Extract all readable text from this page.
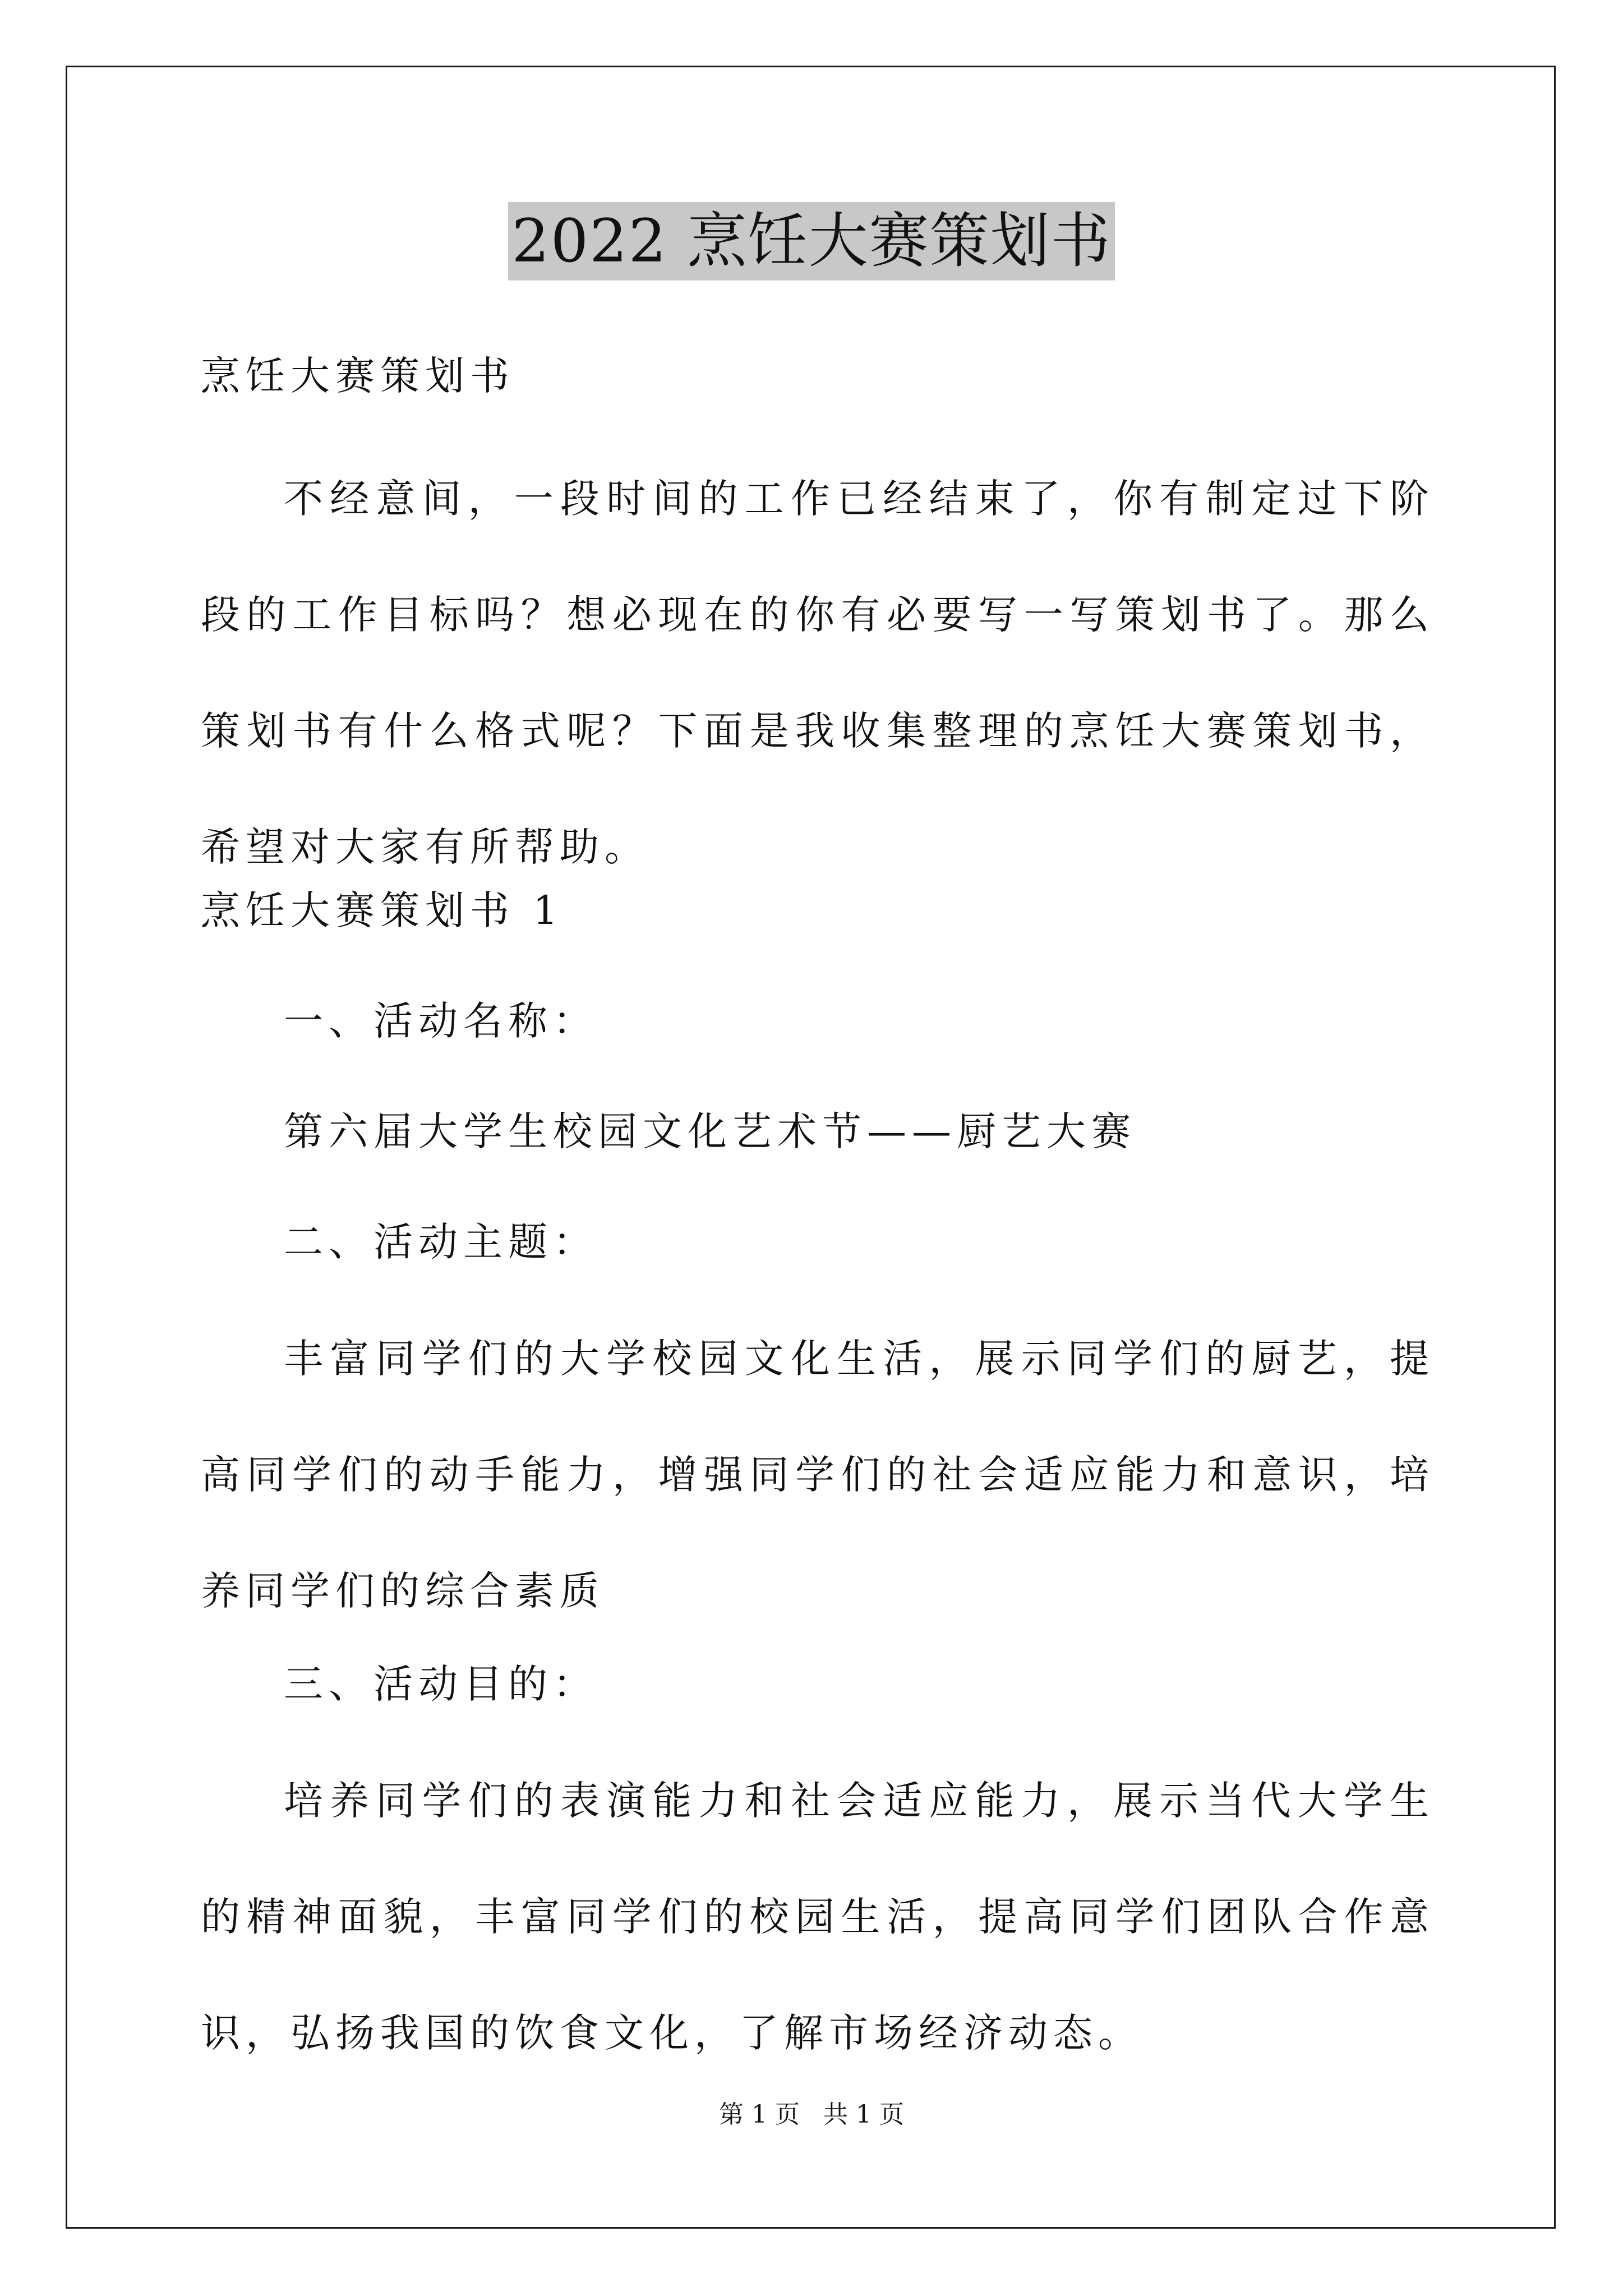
2022 烹饪大赛策划书
烹饪大赛策划书
不经意间，一段时间的工作已经结束了，你有制定过下阶段的工作目标吗？想必现在的你有必要写一写策划书了。那么策划书有什么格式呢？下面是我收集整理的烹饪大赛策划书，希望对大家有所帮助。
烹饪大赛策划书 1
一、活动名称：
第六届大学生校园文化艺术节——厨艺大赛
二、活动主题：
丰富同学们的大学校园文化生活，展示同学们的厨艺，提高同学们的动手能力，增强同学们的社会适应能力和意识，培养同学们的综合素质
三、活动目的：
培养同学们的表演能力和社会适应能力，展示当代大学生的精神面貌，丰富同学们的校园生活，提高同学们团队合作意识，弘扬我国的饮食文化，了解市场经济动态。
第 1 页   共 1 页
